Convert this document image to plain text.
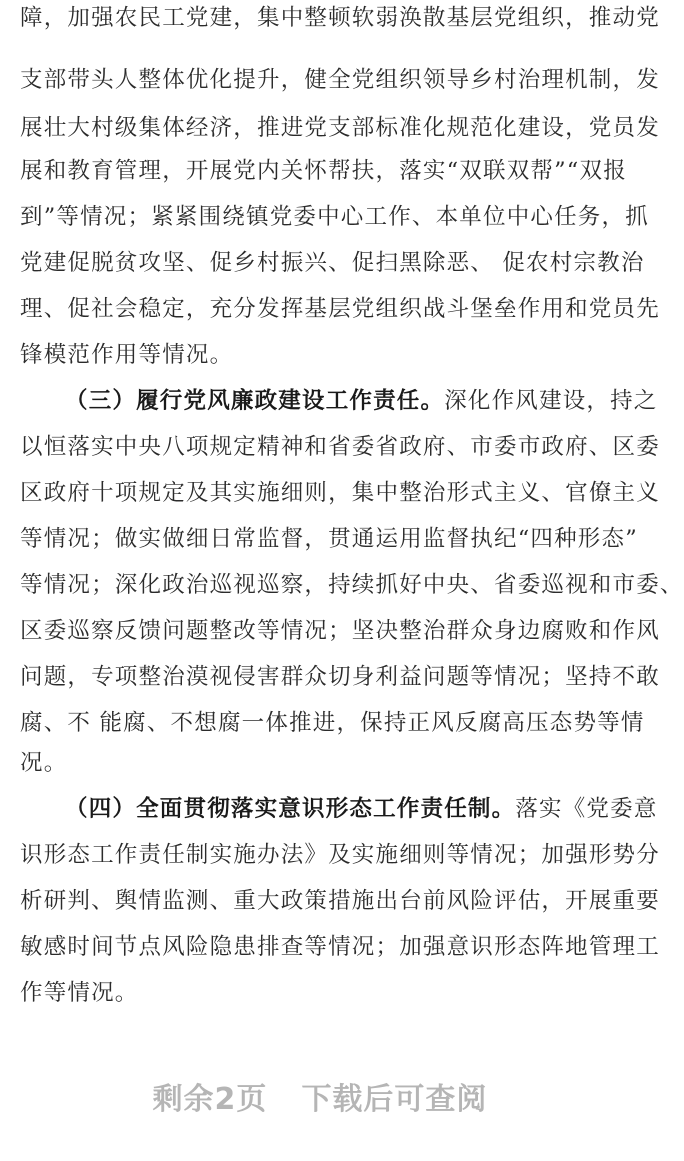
障，加强农民工党建，集中整顿软弱涣散基层党组织，推动党
支部带头人整体优化提升，健全党组织领导乡村治理机制，发
展壮大村级集体经济，推进党支部标准化规范化建设，党员发
展和教育管理，开展党内关怀帮扶，落实“双联双帮”“双报
到”等情况；紧紧围绕镇党委中心工作、本单位中心任务，抓
党建促脱贫攻坚、促乡村振兴、促扫黑除恶、 促农村宗教治
理、促社会稳定，充分发挥基层党组织战斗堡垒作用和党员先
锋模范作用等情况。
（三）履行党风廉政建设工作责任。深化作风建设，持之
以恒落实中央八项规定精神和省委省政府、市委市政府、区委
区政府十项规定及其实施细则，集中整治形式主义、官僚主义
等情况；做实做细日常监督，贯通运用监督执纪“四种形态”
等情况；深化政治巡视巡察，持续抓好中央、省委巡视和市委、
区委巡察反馈问题整改等情况；坚决整治群众身边腐败和作风
问题，专项整治漠视侵害群众切身利益问题等情况；坚持不敢
腐、不 能腐、不想腐一体推进，保持正风反腐高压态势等情
况。
（四）全面贯彻落实意识形态工作责任制。落实《党委意
识形态工作责任制实施办法》及实施细则等情况；加强形势分
析研判、舆情监测、重大政策措施出台前风险评估，开展重要
敏感时间节点风险隐患排查等情况；加强意识形态阵地管理工
作等情况。
剩余2页 下载后可查阅
